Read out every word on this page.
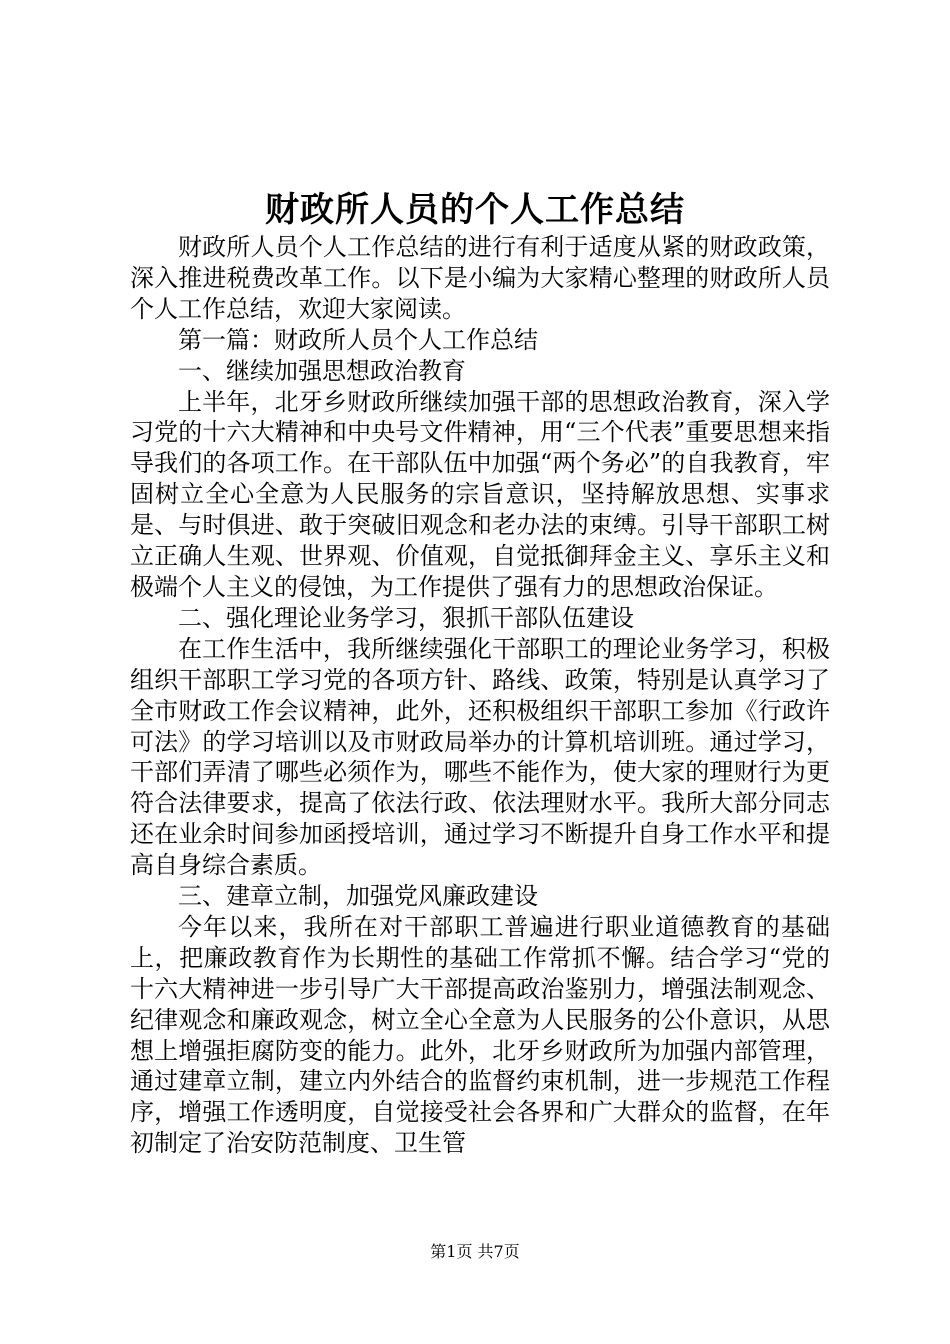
财政所人员的个人工作总结

财政所人员个人工作总结的进行有利于适度从紧的财政政策，深入推进税费改革工作。以下是小编为大家精心整理的财政所人员个人工作总结，欢迎大家阅读。

第一篇：财政所人员个人工作总结

一、继续加强思想政治教育

上半年，北牙乡财政所继续加强干部的思想政治教育，深入学习党的十六大精神和中央号文件精神，用“三个代表”重要思想来指导我们的各项工作。在干部队伍中加强“两个务必”的自我教育，牢固树立全心全意为人民服务的宗旨意识，坚持解放思想、实事求是、与时俱进、敢于突破旧观念和老办法的束缚。引导干部职工树立正确人生观、世界观、价值观，自觉抵御拜金主义、享乐主义和极端个人主义的侵蚀，为工作提供了强有力的思想政治保证。

二、强化理论业务学习，狠抓干部队伍建设

在工作生活中，我所继续强化干部职工的理论业务学习，积极组织干部职工学习党的各项方针、路线、政策，特别是认真学习了全市财政工作会议精神，此外，还积极组织干部职工参加《行政许可法》的学习培训以及市财政局举办的计算机培训班。通过学习，干部们弄清了哪些必须作为，哪些不能作为，使大家的理财行为更符合法律要求，提高了依法行政、依法理财水平。我所大部分同志还在业余时间参加函授培训，通过学习不断提升自身工作水平和提高自身综合素质。

三、建章立制，加强党风廉政建设

今年以来，我所在对干部职工普遍进行职业道德教育的基础上，把廉政教育作为长期性的基础工作常抓不懈。结合学习“党的十六大精神进一步引导广大干部提高政治鉴别力，增强法制观念、纪律观念和廉政观念，树立全心全意为人民服务的公仆意识，从思想上增强拒腐防变的能力。此外，北牙乡财政所为加强内部管理，通过建章立制，建立内外结合的监督约束机制，进一步规范工作程序，增强工作透明度，自觉接受社会各界和广大群众的监督，在年初制定了治安防范制度、卫生管

第1页 共7页
